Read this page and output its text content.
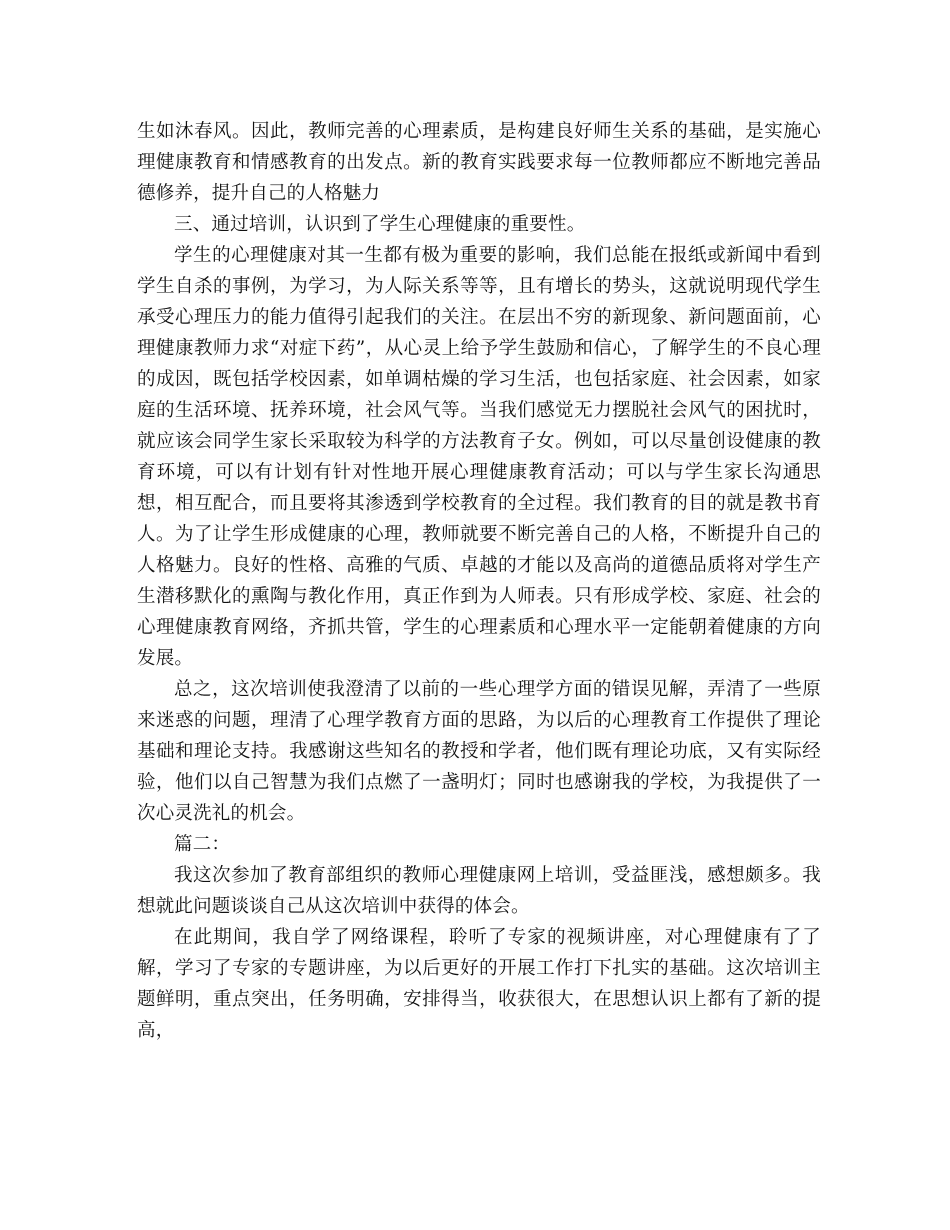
生如沐春风。因此，教师完善的心理素质，是构建良好师生关系的基础，是实施心理健康教育和情感教育的出发点。新的教育实践要求每一位教师都应不断地完善品德修养，提升自己的人格魅力

三、通过培训，认识到了学生心理健康的重要性。

学生的心理健康对其一生都有极为重要的影响，我们总能在报纸或新闻中看到学生自杀的事例，为学习，为人际关系等等，且有增长的势头，这就说明现代学生承受心理压力的能力值得引起我们的关注。在层出不穷的新现象、新问题面前，心理健康教师力求“对症下药”，从心灵上给予学生鼓励和信心，了解学生的不良心理的成因，既包括学校因素，如单调枯燥的学习生活，也包括家庭、社会因素，如家庭的生活环境、抚养环境，社会风气等。当我们感觉无力摆脱社会风气的困扰时，就应该会同学生家长采取较为科学的方法教育子女。例如，可以尽量创设健康的教育环境，可以有计划有针对性地开展心理健康教育活动；可以与学生家长沟通思想，相互配合，而且要将其渗透到学校教育的全过程。我们教育的目的就是教书育人。为了让学生形成健康的心理，教师就要不断完善自己的人格，不断提升自己的人格魅力。良好的性格、高雅的气质、卓越的才能以及高尚的道德品质将对学生产生潜移默化的熏陶与教化作用，真正作到为人师表。只有形成学校、家庭、社会的心理健康教育网络，齐抓共管，学生的心理素质和心理水平一定能朝着健康的方向发展。

总之，这次培训使我澄清了以前的一些心理学方面的错误见解，弄清了一些原来迷惑的问题，理清了心理学教育方面的思路，为以后的心理教育工作提供了理论基础和理论支持。我感谢这些知名的教授和学者，他们既有理论功底，又有实际经验，他们以自己智慧为我们点燃了一盏明灯；同时也感谢我的学校，为我提供了一次心灵洗礼的机会。

篇二：

我这次参加了教育部组织的教师心理健康网上培训，受益匪浅，感想颇多。我想就此问题谈谈自己从这次培训中获得的体会。

在此期间，我自学了网络课程，聆听了专家的视频讲座，对心理健康有了了解，学习了专家的专题讲座，为以后更好的开展工作打下扎实的基础。这次培训主题鲜明，重点突出，任务明确，安排得当，收获很大，在思想认识上都有了新的提高，
